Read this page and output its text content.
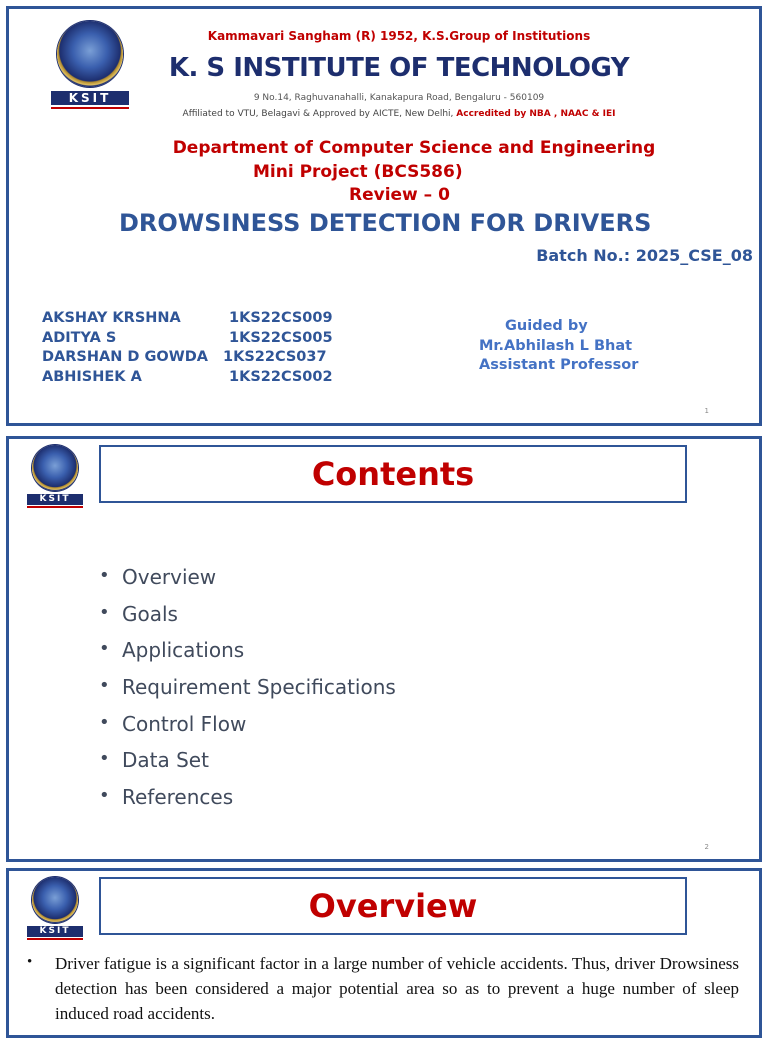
KSIT
Kammavari Sangham (R) 1952, K.S.Group of Institutions
K. S INSTITUTE OF TECHNOLOGY
9 No.14, Raghuvanahalli, Kanakapura Road, Bengaluru - 560109
Affiliated to VTU, Belagavi & Approved by AICTE, New Delhi, Accredited by NBA , NAAC & IEI
Department of Computer Science and Engineering
Mini Project (BCS586)
Review – 0
DROWSINESS DETECTION FOR DRIVERS
Batch No.: 2025_CSE_08
AKSHAY KRSHNA	1KS22CS009
ADITYA S	1KS22CS005
DARSHAN D GOWDA 1KS22CS037
ABHISHEK A	1KS22CS002
Guided by
Mr.Abhilash L Bhat
Assistant Professor
1
KSIT
Contents
• Overview
• Goals
• Applications
• Requirement Specifications
• Control Flow
• Data Set
• References
2
KSIT
Overview
•	Driver fatigue is a significant factor in a large number of vehicle accidents. Thus, driver Drowsiness detection has been considered a major potential area so as to prevent a huge number of sleep induced road accidents.
